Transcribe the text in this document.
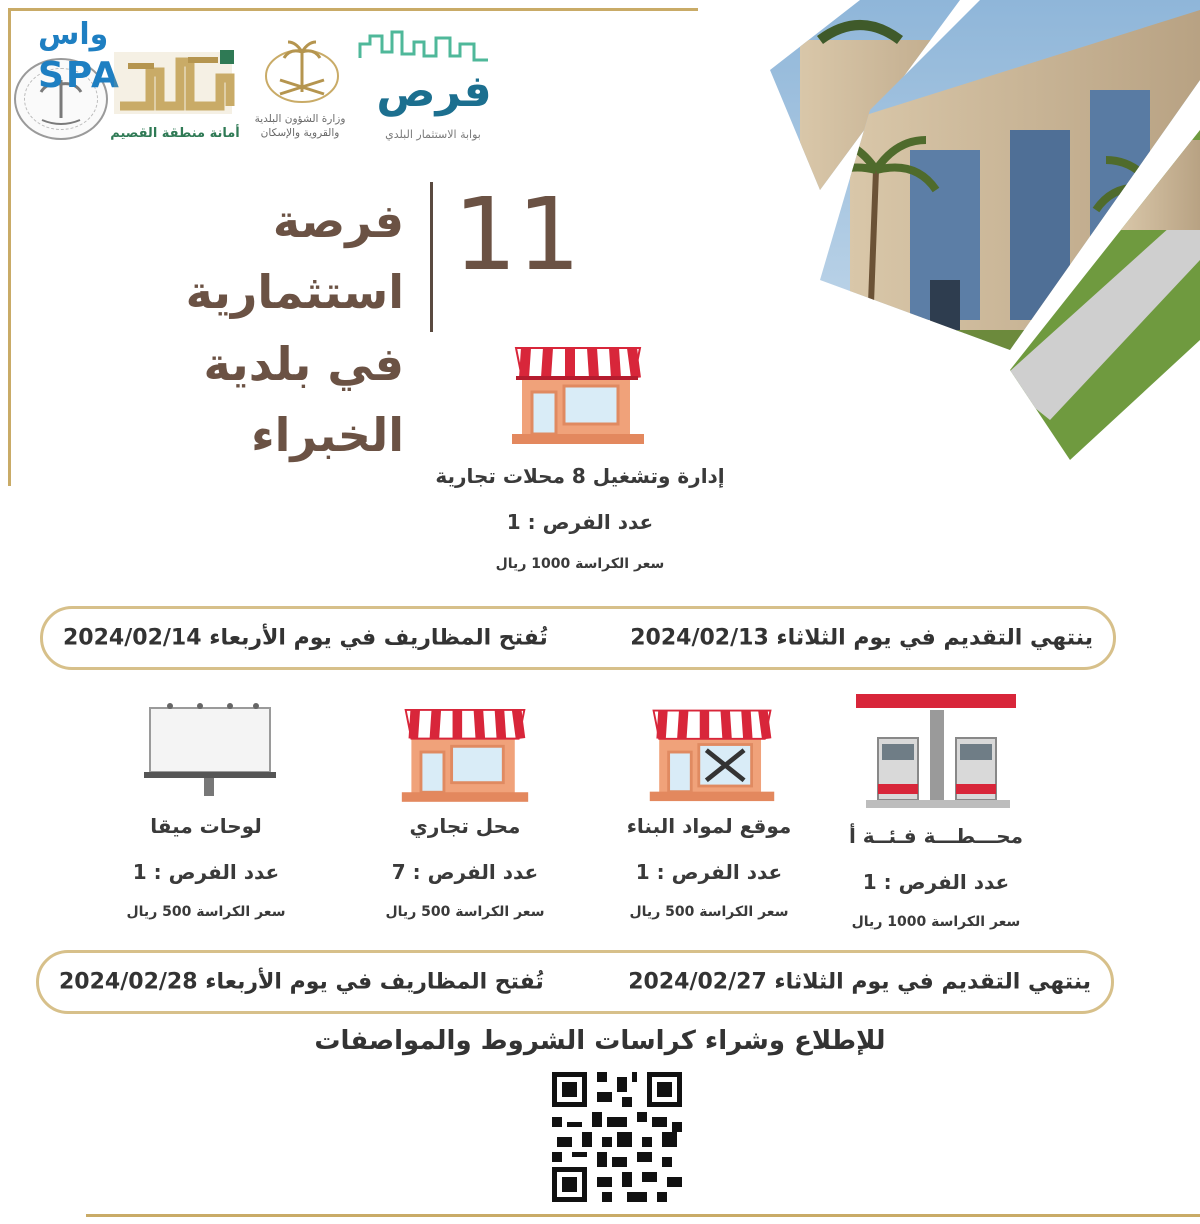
واس
SPA
أمانة منطقة القصيم
وزارة الشؤون البلدية والقروية والإسكان
فرص
بوابة الاستثمار البلدي
فرصة استثمارية
في بلدية الخبراء
11
إدارة وتشغيل 8 محلات تجارية
عدد الفرص : 1
سعر الكراسة 1000 ريال
ينتهي التقديم في يوم الثلاثاء 2024/02/13
تُفتح المظاريف في يوم الأربعاء 2024/02/14
محـــطـــة فـئــة أ
عدد الفرص : 1
سعر الكراسة 1000 ريال
موقع لمواد البناء
عدد الفرص : 1
سعر الكراسة 500 ريال
محل تجاري
عدد الفرص : 7
سعر الكراسة 500 ريال
لوحات ميقا
عدد الفرص : 1
سعر الكراسة 500 ريال
ينتهي التقديم في يوم الثلاثاء 2024/02/27
تُفتح المظاريف في يوم الأربعاء 2024/02/28
للإطلاع وشراء كراسات الشروط والمواصفات
